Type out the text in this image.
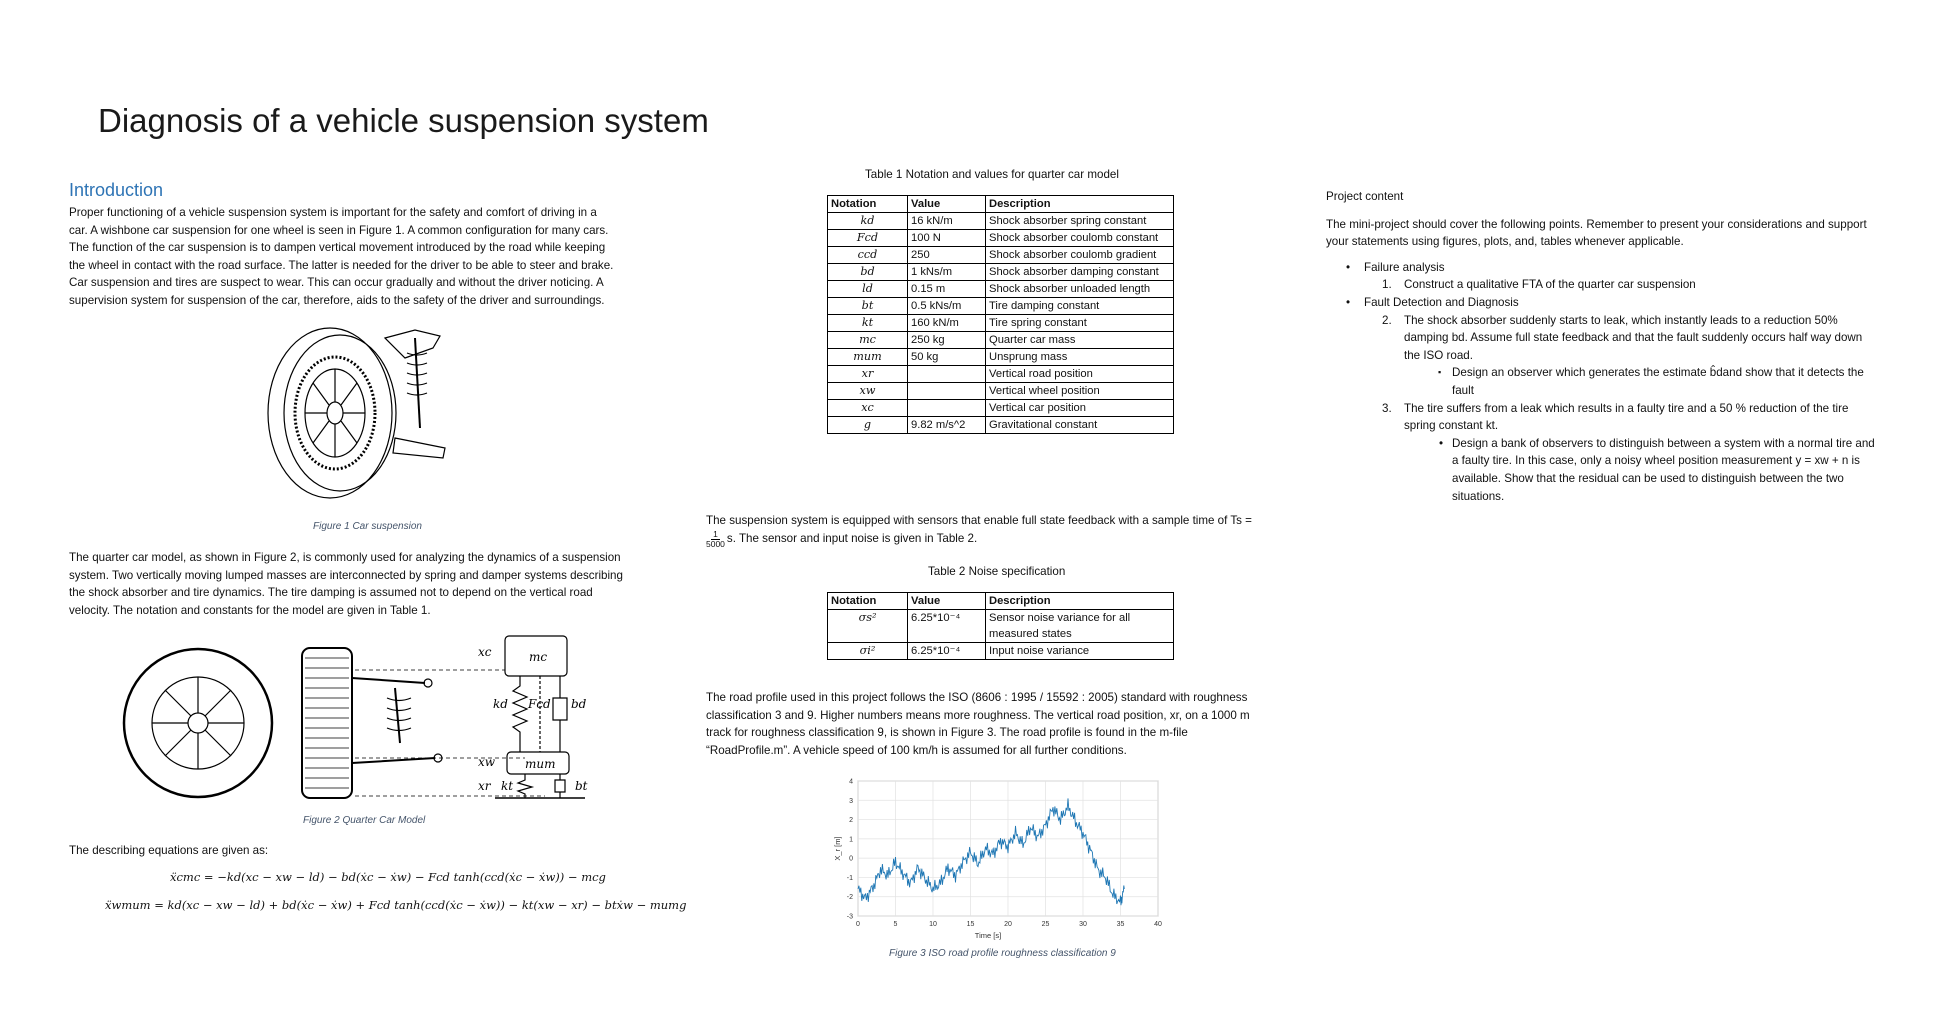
Diagnosis of a vehicle suspension system
Introduction
Proper functioning of a vehicle suspension system is important for the safety and comfort of driving in a
car. A wishbone car suspension for one wheel is seen in Figure 1. A common configuration for many cars.
The function of the car suspension is to dampen vertical movement introduced by the road while keeping
the wheel in contact with the road surface. The latter is needed for the driver to be able to steer and brake.
Car suspension and tires are suspect to wear. This can occur gradually and without the driver noticing. A
supervision system for suspension of the car, therefore, aids to the safety of the driver and surroundings.
Figure 1 Car suspension
The quarter car model, as shown in Figure 2, is commonly used for analyzing the dynamics of a suspension
system. Two vertically moving lumped masses are interconnected by spring and damper systems describing
the shock absorber and tire dynamics. The tire damping is assumed not to depend on the vertical road
velocity. The notation and constants for the model are given in Table 1.
xc	mc
kd Fcd bd
xw mum
xr kt	bt
Figure 2 Quarter Car Model
The describing equations are given as:
ẍcmc = −kd(xc − xw − ld) − bd(ẋc − ẋw) − Fcd tanh(ccd(ẋc − ẋw)) − mcg
ẍwmum = kd(xc − xw − ld) + bd(ẋc − ẋw) + Fcd tanh(ccd(ẋc − ẋw)) − kt(xw − xr) − btẋw − mumg
Table 1 Notation and values for quarter car model
Notation	Value	Description
kd	16 kN/m	Shock absorber spring constant
Fcd	100 N	Shock absorber coulomb constant
ccd	250	Shock absorber coulomb gradient
bd	1 kNs/m	Shock absorber damping constant
ld	0.15 m	Shock absorber unloaded length
bt	0.5 kNs/m	Tire damping constant
kt	160 kN/m	Tire spring constant
mc	250 kg	Quarter car mass
mum	50 kg	Unsprung mass
xr		Vertical road position
xw		Vertical wheel position
xc		Vertical car position
g	9.82 m/s^2	Gravitational constant
The suspension system is equipped with sensors that enable full state feedback with a sample time of Ts =
$\frac{1}{5000} s$. The sensor and input noise is given in Table 2.
Table 2 Noise specification
Notation	Value	Description
σs²	6.25*10⁻⁴	Sensor noise variance for all measured states
σi²	6.25*10⁻⁴	Input noise variance
The road profile used in this project follows the ISO (8606 : 1995 / 15592 : 2005) standard with roughness
classification 3 and 9. Higher numbers means more roughness. The vertical road position, xr, on a 1000 m
track for roughness classification 9, is shown in Figure 3. The road profile is found in the m-file
“RoadProfile.m”. A vehicle speed of 100 km/h is assumed for all further conditions.
0	5	10	15	20	25	30	35	40
-3
-2
-1
0
1
2
3
4
Time [s]
X_r [m]
Figure 3 ISO road profile roughness classification 9
Project content
The mini-project should cover the following points. Remember to present your considerations and support
your statements using figures, plots, and, tables whenever applicable.
• Failure analysis
1. Construct a qualitative FTA of the quarter car suspension
• Fault Detection and Diagnosis
2. The shock absorber suddenly starts to leak, which instantly leads to a reduction 50%
damping bd. Assume full state feedback and that the fault suddenly occurs half way down
the ISO road.
▪ Design an observer which generates the estimate b̂dand show that it detects the
fault
3. The tire suffers from a leak which results in a faulty tire and a 50 % reduction of the tire
spring constant kt.
• Design a bank of observers to distinguish between a system with a normal tire and
a faulty tire. In this case, only a noisy wheel position measurement y = xw + n is
available. Show that the residual can be used to distinguish between the two
situations.
